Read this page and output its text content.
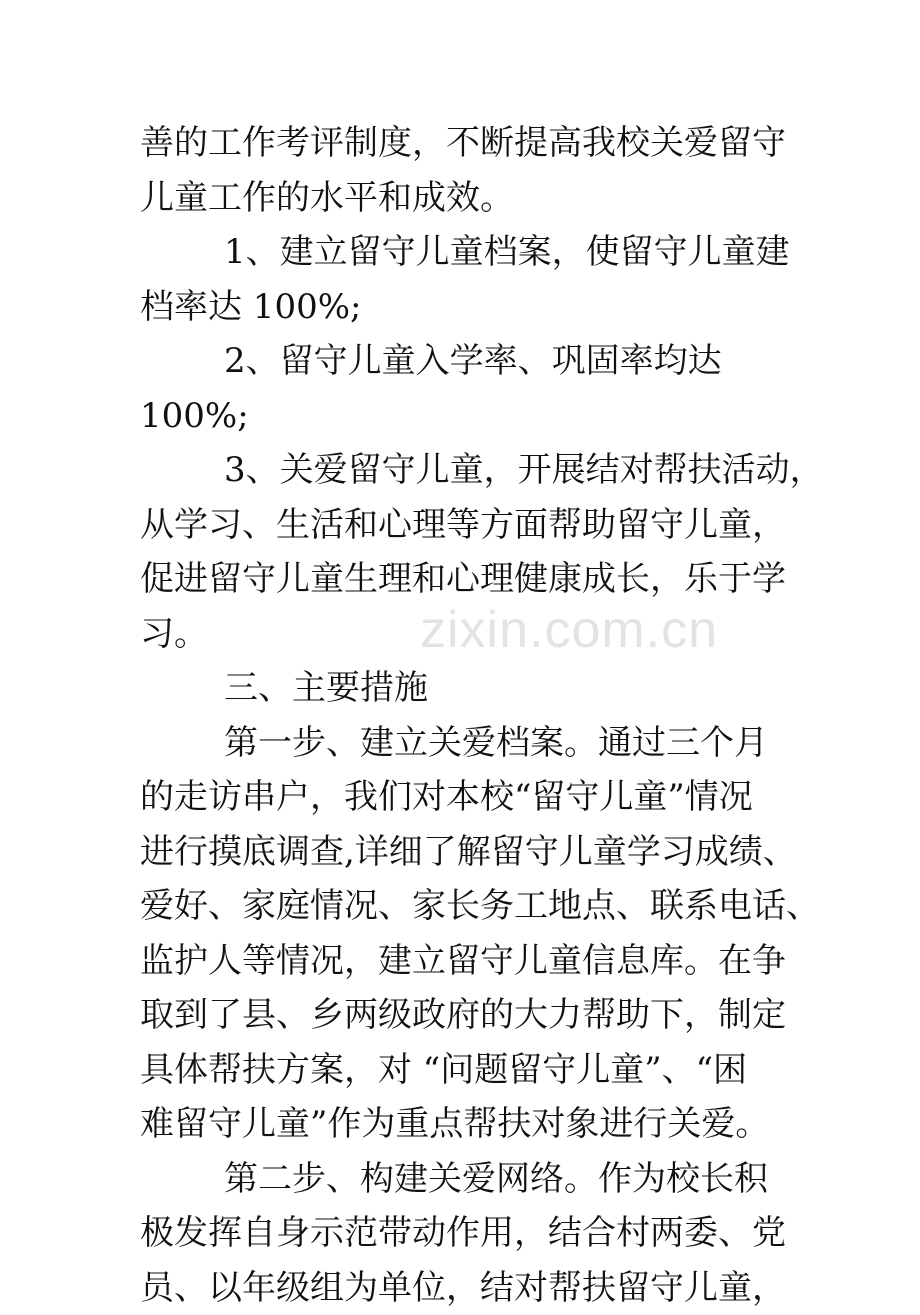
善的工作考评制度，不断提高我校关爱留守
儿童工作的水平和成效。
1、建立留守儿童档案，使留守儿童建
档率达 100%;
2、留守儿童入学率、巩固率均达
100%;
3、关爱留守儿童，开展结对帮扶活动，
从学习、生活和心理等方面帮助留守儿童，
促进留守儿童生理和心理健康成长，乐于学
习。
三、主要措施
第一步、建立关爱档案。通过三个月
的走访串户，我们对本校“留守儿童”情况
进行摸底调查,详细了解留守儿童学习成绩、
爱好、家庭情况、家长务工地点、联系电话、
监护人等情况，建立留守儿童信息库。在争
取到了县、乡两级政府的大力帮助下，制定
具体帮扶方案，对 “问题留守儿童”、“困
难留守儿童”作为重点帮扶对象进行关爱。
第二步、构建关爱网络。作为校长积
极发挥自身示范带动作用，结合村两委、党
员、以年级组为单位，结对帮扶留守儿童，
zixin.com.cn
